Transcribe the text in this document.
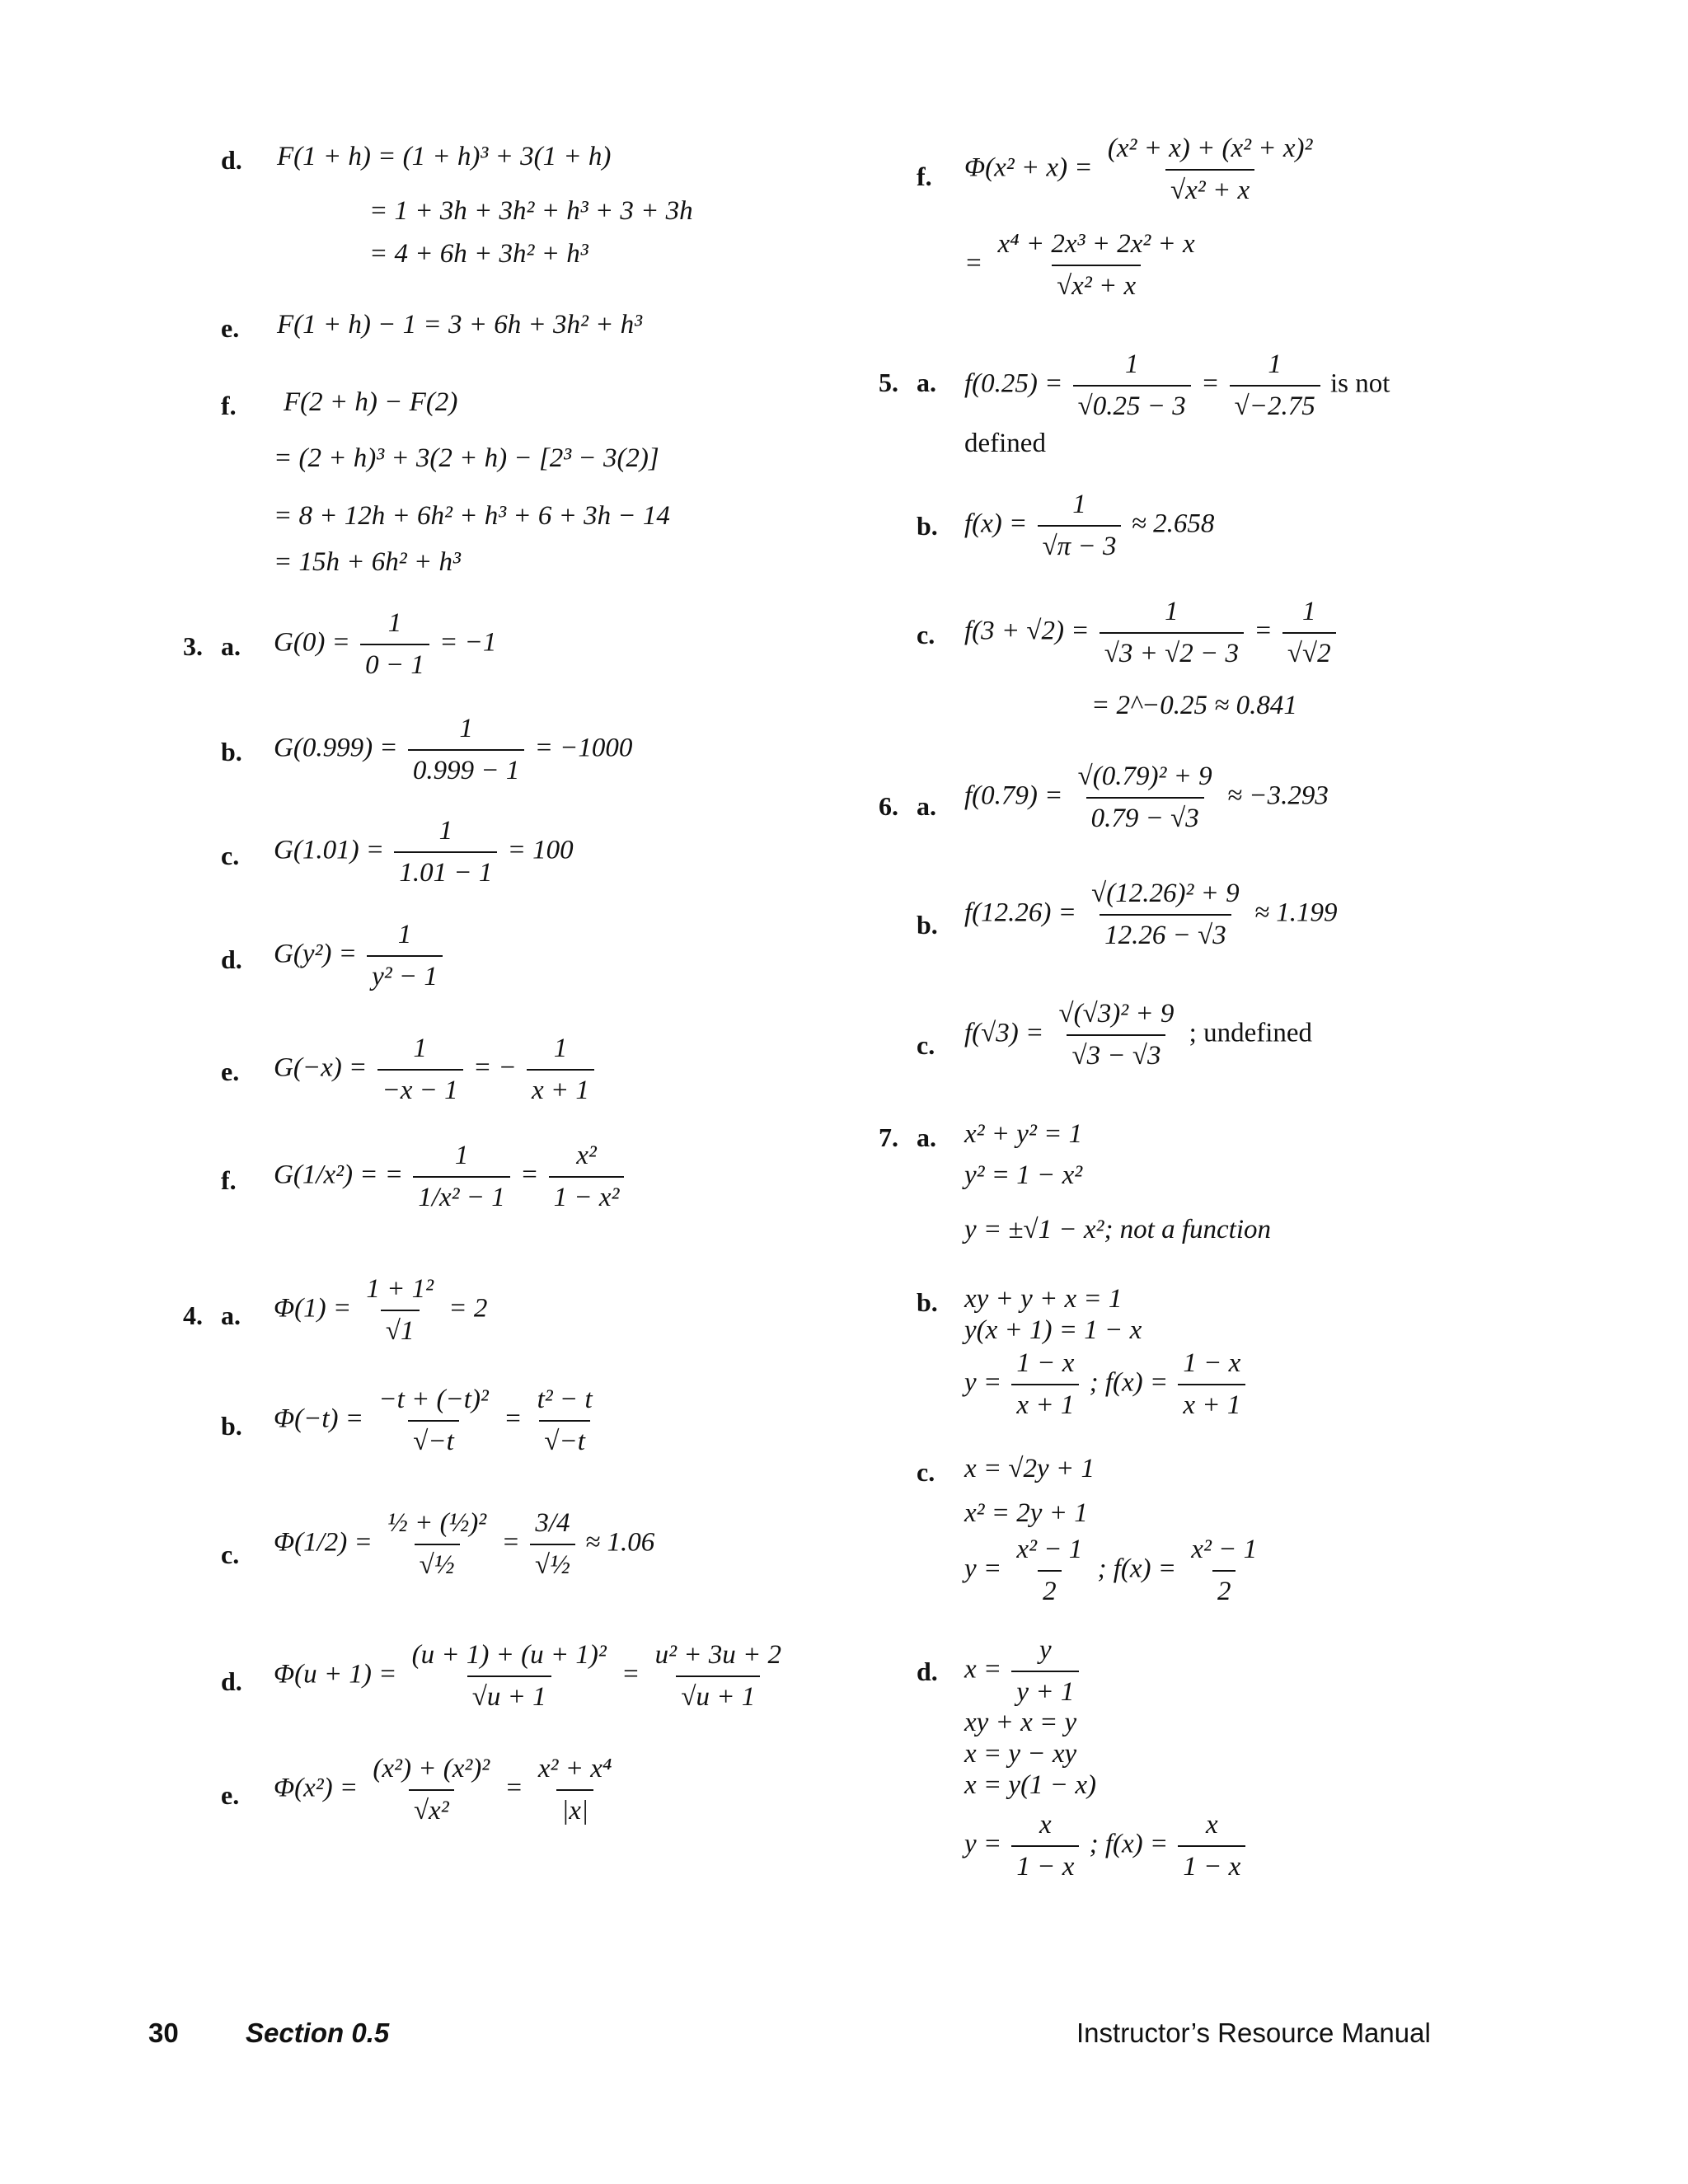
d. F(1 + h) = (1 + h)³ + 3(1 + h)
= 1 + 3h + 3h² + h³ + 3 + 3h
= 4 + 6h + 3h² + h³
e. F(1 + h) − 1 = 3 + 6h + 3h² + h³
f. F(2 + h) − F(2)
= (2 + h)³ + 3(2 + h) − [2³ − 3(2)]
= 8 + 12h + 6h² + h³ + 6 + 3h − 14
= 15h + 6h² + h³
3. a. $G(0) = \frac{1}{0 - 1} = -1$
b. $G(0.999) = \frac{1}{0.999 - 1} = -1000$
c. $G(1.01) = \frac{1}{1.01 - 1} = 100$
d. $G(y^2) = \frac{1}{\text{y² − 1}}$
e. $G(-x) = \frac{1}{-x - 1}$ = − $\frac{1}{x + 1}$
f. G(1/x²) = = $\frac{1}{\text{1/x² − 1}} = \frac{\text{x²}}{\text{1 − x²}}$
4. a. $\Phi(1) = \frac{\text{1 + 1²}}{√1} = 2$
b. $\Phi(-t) = \frac{\text{−t + (−t)²}}{√-t} = \frac{\text{t² − t}}{√-t}$
c. $\Phi(1/2) = \frac{\text{½ + (½)²}}{\text{√½}} = \frac{3/4}{\text{√½}} \approx 1.06$
d. $\Phi(u + 1) = \frac{\text{(u + 1) + (u + 1)²}}{√u + 1} = \frac{\text{u² + 3u + 2}}{√u + 1}$
e. $\Phi(x^2) = \frac{\text{(x²) + (x²)²}}{\text{√x²}} = \frac{\text{x² + x⁴}}{|x|}$
f. $\Phi(x^2 + x) = \frac{\text{(x² + x) + (x² + x)²}}{\text{√x² + x}}$
= $\frac{\text{x⁴ + 2x³ + 2x² + x}}{\text{√x² + x}}$
5. a. $f(0.25) = \frac{1}{√0.25 - 3} = \frac{1}{√-2.75}$ is not
defined
b. $f(x) = \frac{1}{√\pi - 3} \approx 2.658$
c. $f(3 + √2) = \frac{1}{√3 + √2 - 3} = \frac{1}{√√2}$
= 2^−0.25 ≈ 0.841
6. a. $f(0.79) = \frac{\text{√(0.79)² + 9}}{0.79 - √3} \approx -3.293$
b. $f(12.26) = \frac{\text{√(12.26)² + 9}}{12.26 - √3} \approx 1.199$
c. $f(√3) = \frac{\text{√(√3)² + 9}}{√3 - √3}$ ; undefined
7. a. x² + y² = 1
y² = 1 − x²
y = ±√1 − x²; not a function
b. xy + y + x = 1
y(x + 1) = 1 − x
$y = \frac{1 - x}{x + 1}$ ; $f(x) = \frac{1 - x}{x + 1}$
c. x = √2y + 1
x² = 2y + 1
$y = \frac{\text{x² − 1}}{2}$ ; $f(x) = \frac{\text{x² − 1}}{2}$
d. $x = \frac{y}{y + 1}$
xy + x = y
x = y − xy
x = y(1 − x)
$y = \frac{x}{1 - x}$ ; $f(x) = \frac{x}{1 - x}$
30 Section 0.5	Instructor’s Resource Manual
